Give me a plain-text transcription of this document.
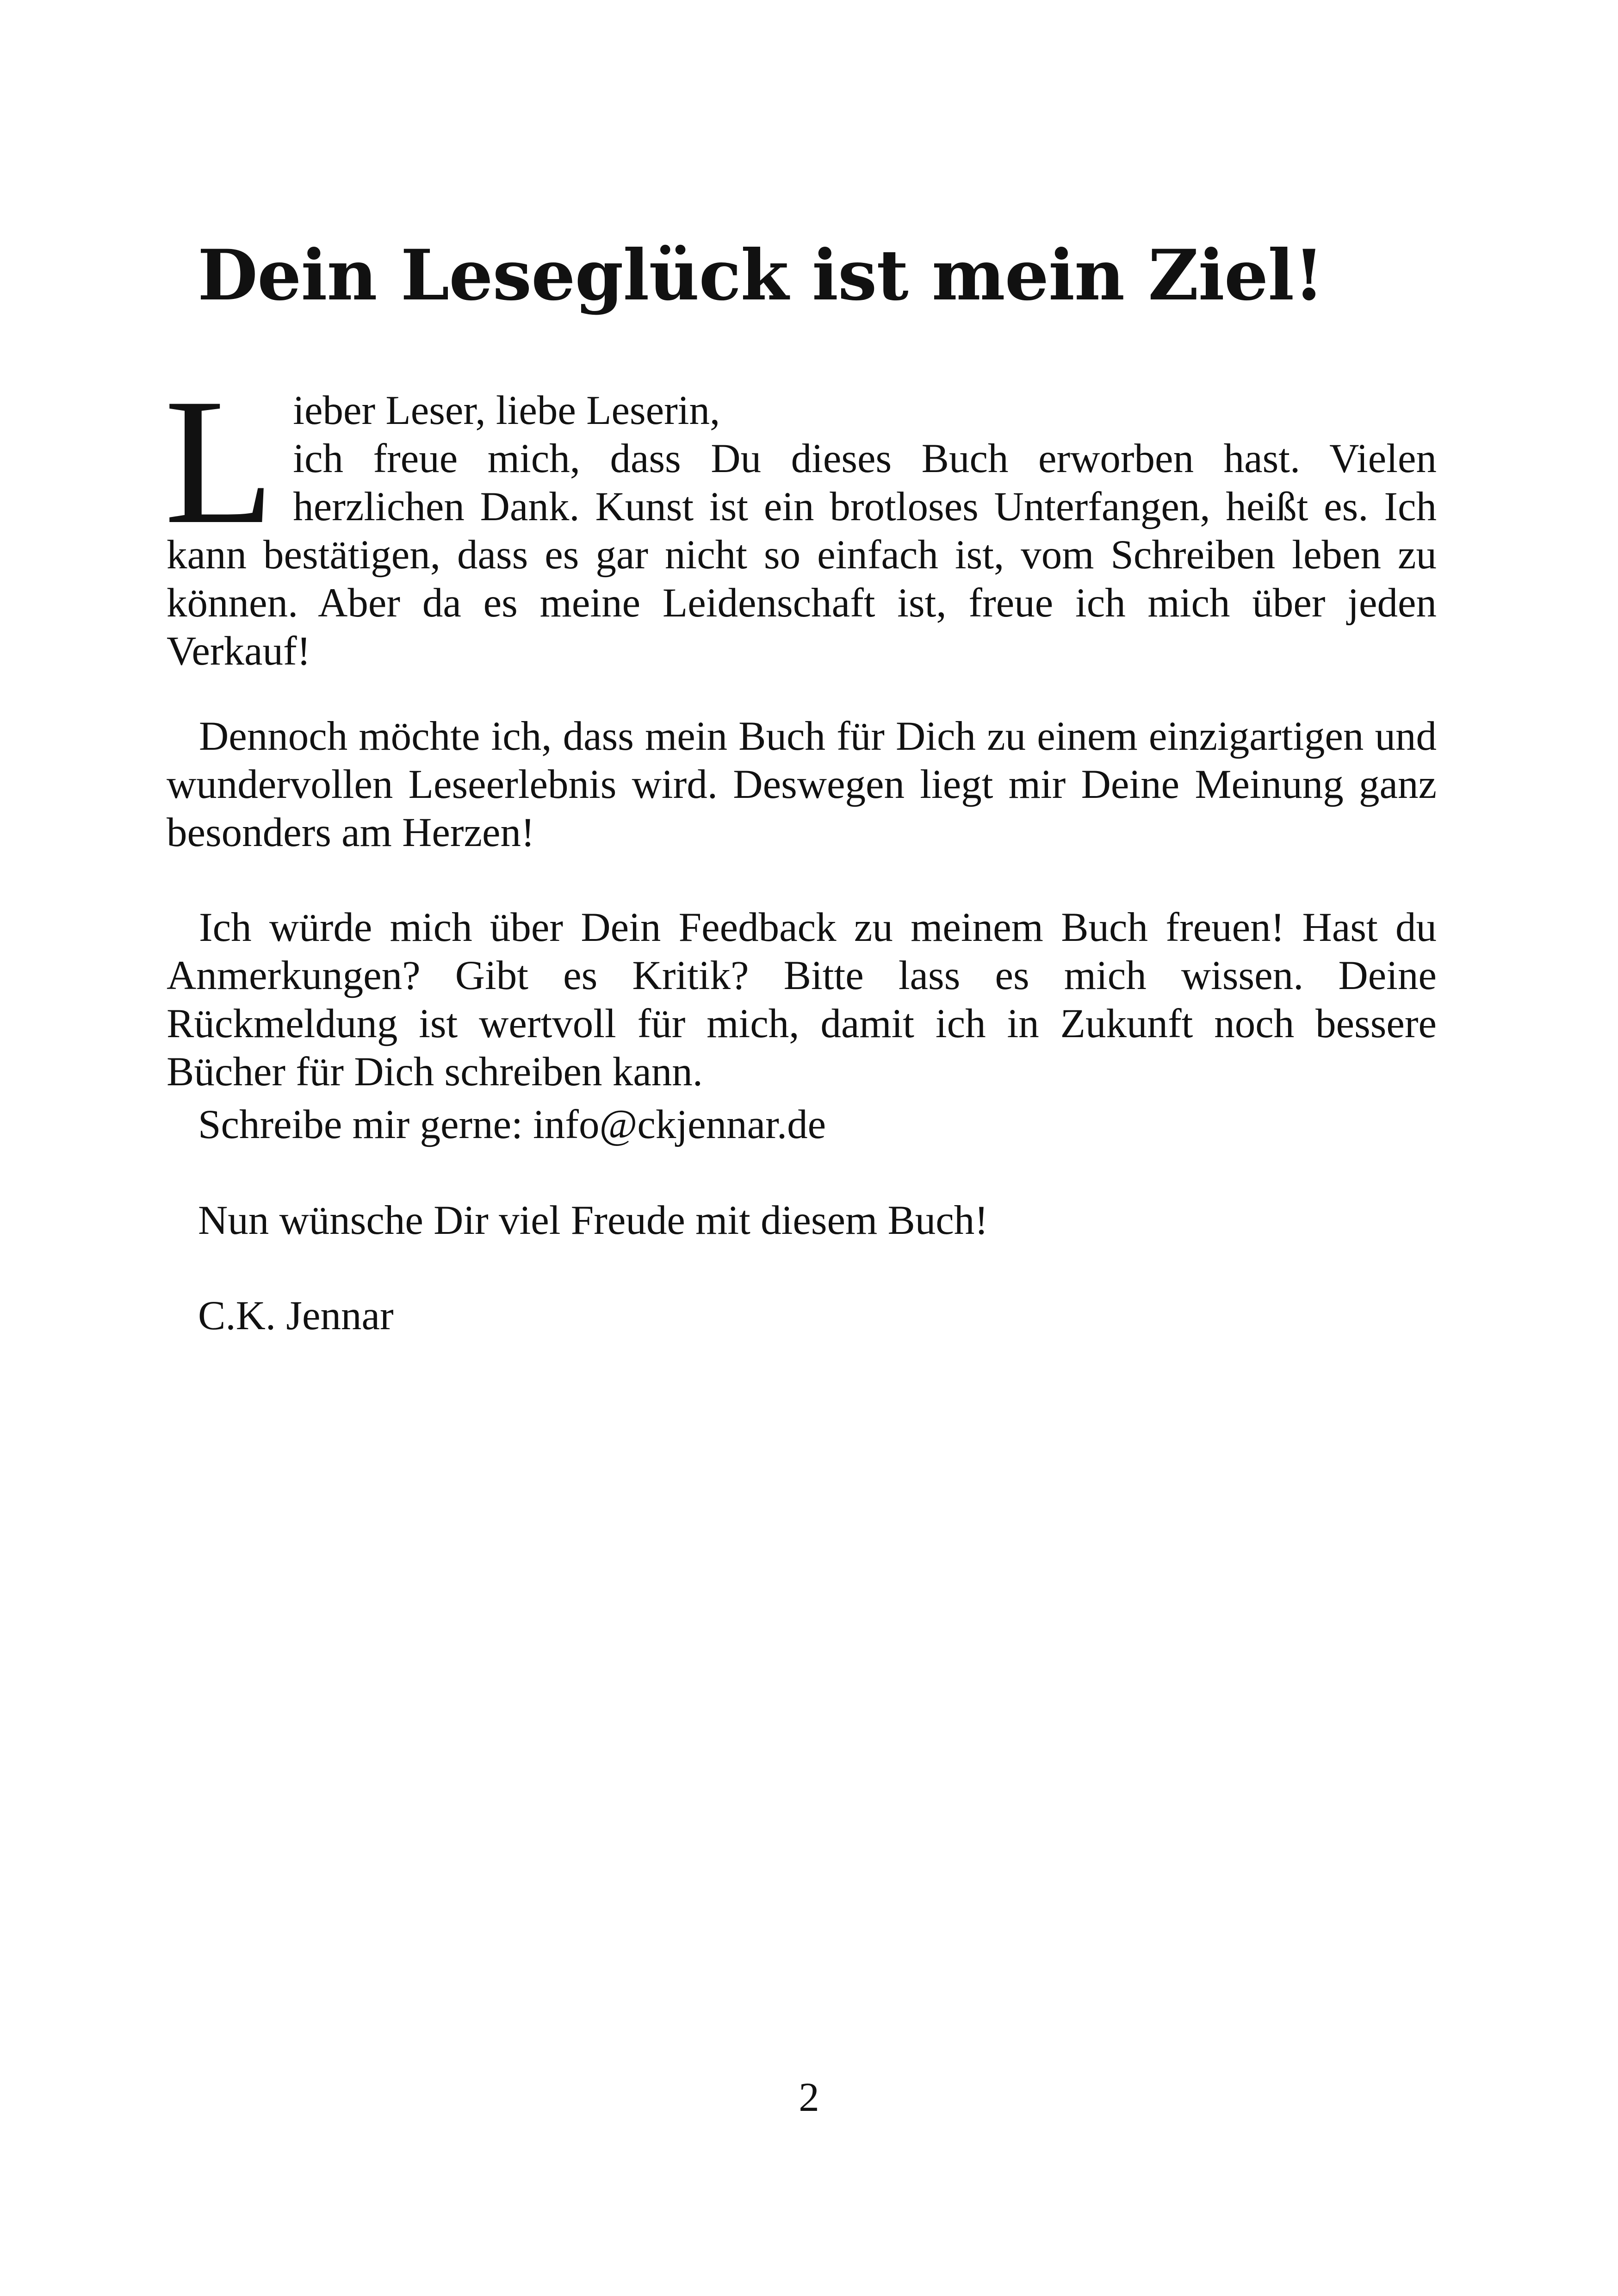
Dein Leseglück ist mein Ziel!
L ieber Leser, liebe Leserin,
ich freue mich, dass Du dieses Buch erworben hast. Vielen herzlichen Dank. Kunst ist ein brotloses Unterfangen, heißt es. Ich kann bestätigen, dass es gar nicht so einfach ist, vom Schreiben leben zu können. Aber da es meine Leidenschaft ist, freue ich mich über jeden Verkauf!

Dennoch möchte ich, dass mein Buch für Dich zu einem einzigartigen und wundervollen Leseerlebnis wird. Deswegen liegt mir Deine Meinung ganz besonders am Herzen!

Ich würde mich über Dein Feedback zu meinem Buch freuen! Hast du Anmerkungen? Gibt es Kritik? Bitte lass es mich wissen. Deine Rückmeldung ist wertvoll für mich, damit ich in Zukunft noch bessere Bücher für Dich schreiben kann.

Schreibe mir gerne: info@ckjennar.de
Nun wünsche Dir viel Freude mit diesem Buch!
C.K. Jennar
2
